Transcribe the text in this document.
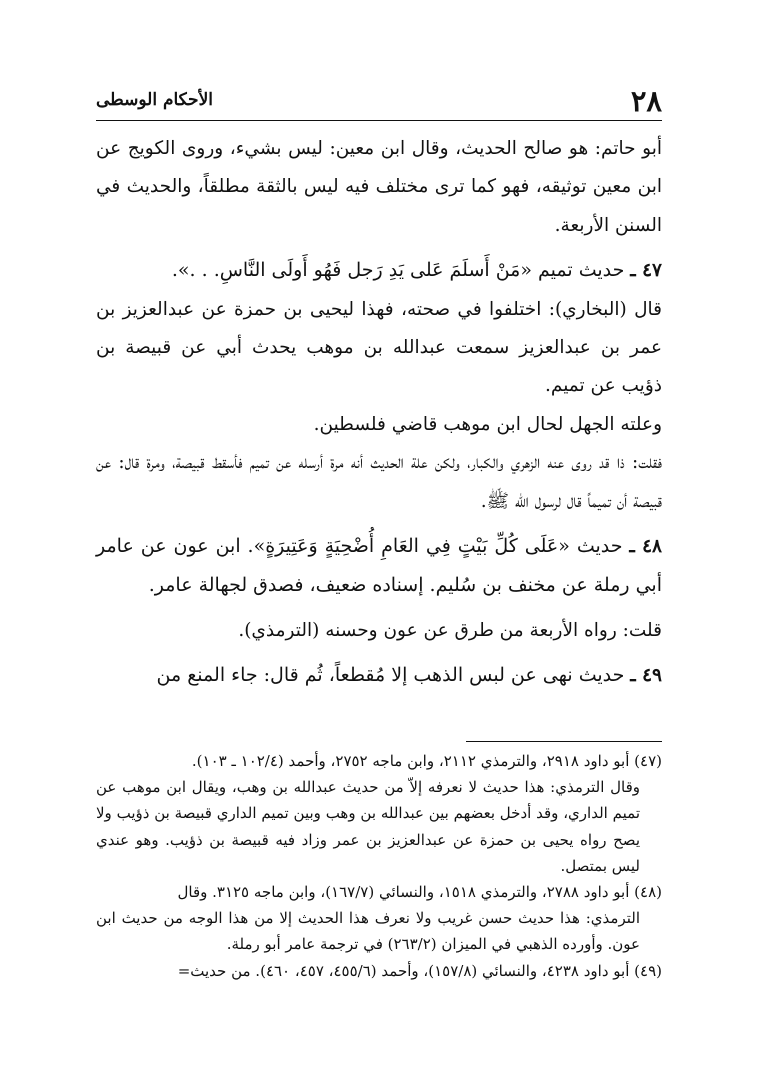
٢٨
الأحكام الوسطى

أبو حاتم: هو صالح الحديث، وقال ابن معين: ليس بشيء، وروى الكويج عن ابن معين توثيقه، فهو كما ترى مختلف فيه ليس بالثقة مطلقاً، والحديث في السنن الأربعة.

٤٧ ـ حديث تميم «مَنْ أَسلَمَ عَلى يَدِ رَجل فَهُو أَولَى النَّاسِ. . .».

قال (البخاري): اختلفوا في صحته، فهذا ليحيى بن حمزة عن عبدالعزيز بن عمر بن عبدالعزيز سمعت عبدالله بن موهب يحدث أبي عن قبيصة بن ذؤيب عن تميم.

وعلته الجهل لحال ابن موهب قاضي فلسطين.

فقلت: ذا قد روى عنه الزهري والكبار، ولكن علة الحديث أنه مرة أرسله عن تميم فأسقط قبيصة، ومرة قال: عن قبيصة أن تميماً قال لرسول الله ﷺ.

٤٨ ـ حديث «عَلَى كُلِّ بَيْتٍ فِي العَامِ أُضْحِيَةٍ وَعَتِيرَةٍ». ابن عون عن عامر أبي رملة عن مخنف بن سُليم. إسناده ضعيف، فصدق لجهالة عامر.

قلت: رواه الأربعة من طرق عن عون وحسنه (الترمذي).

٤٩ ـ حديث نهى عن لبس الذهب إلا مُقطعاً، ثُم قال: جاء المنع من

(٤٧) أبو داود ٢٩١٨، والترمذي ٢١١٢، وابن ماجه ٢٧٥٢، وأحمد (١٠٢/٤ ـ ١٠٣).
وقال الترمذي: هذا حديث لا نعرفه إلاّ من حديث عبدالله بن وهب، ويقال ابن موهب عن تميم الداري، وقد أدخل بعضهم بين عبدالله بن وهب وبين تميم الداري قبيصة بن ذؤيب ولا يصح رواه يحيى بن حمزة عن عبدالعزيز بن عمر وزاد فيه قبيصة بن ذؤيب. وهو عندي ليس بمتصل.

(٤٨) أبو داود ٢٧٨٨، والترمذي ١٥١٨، والنسائي (١٦٧/٧)، وابن ماجه ٣١٢٥. وقال
الترمذي: هذا حديث حسن غريب ولا نعرف هذا الحديث إلا من هذا الوجه من حديث ابن عون. وأورده الذهبي في الميزان (٢٦٣/٢) في ترجمة عامر أبو رملة.

(٤٩) أبو داود ٤٢٣٨، والنسائي (١٥٧/٨)، وأحمد (٤٥٥/٦، ٤٥٧، ٤٦٠). من حديث=
